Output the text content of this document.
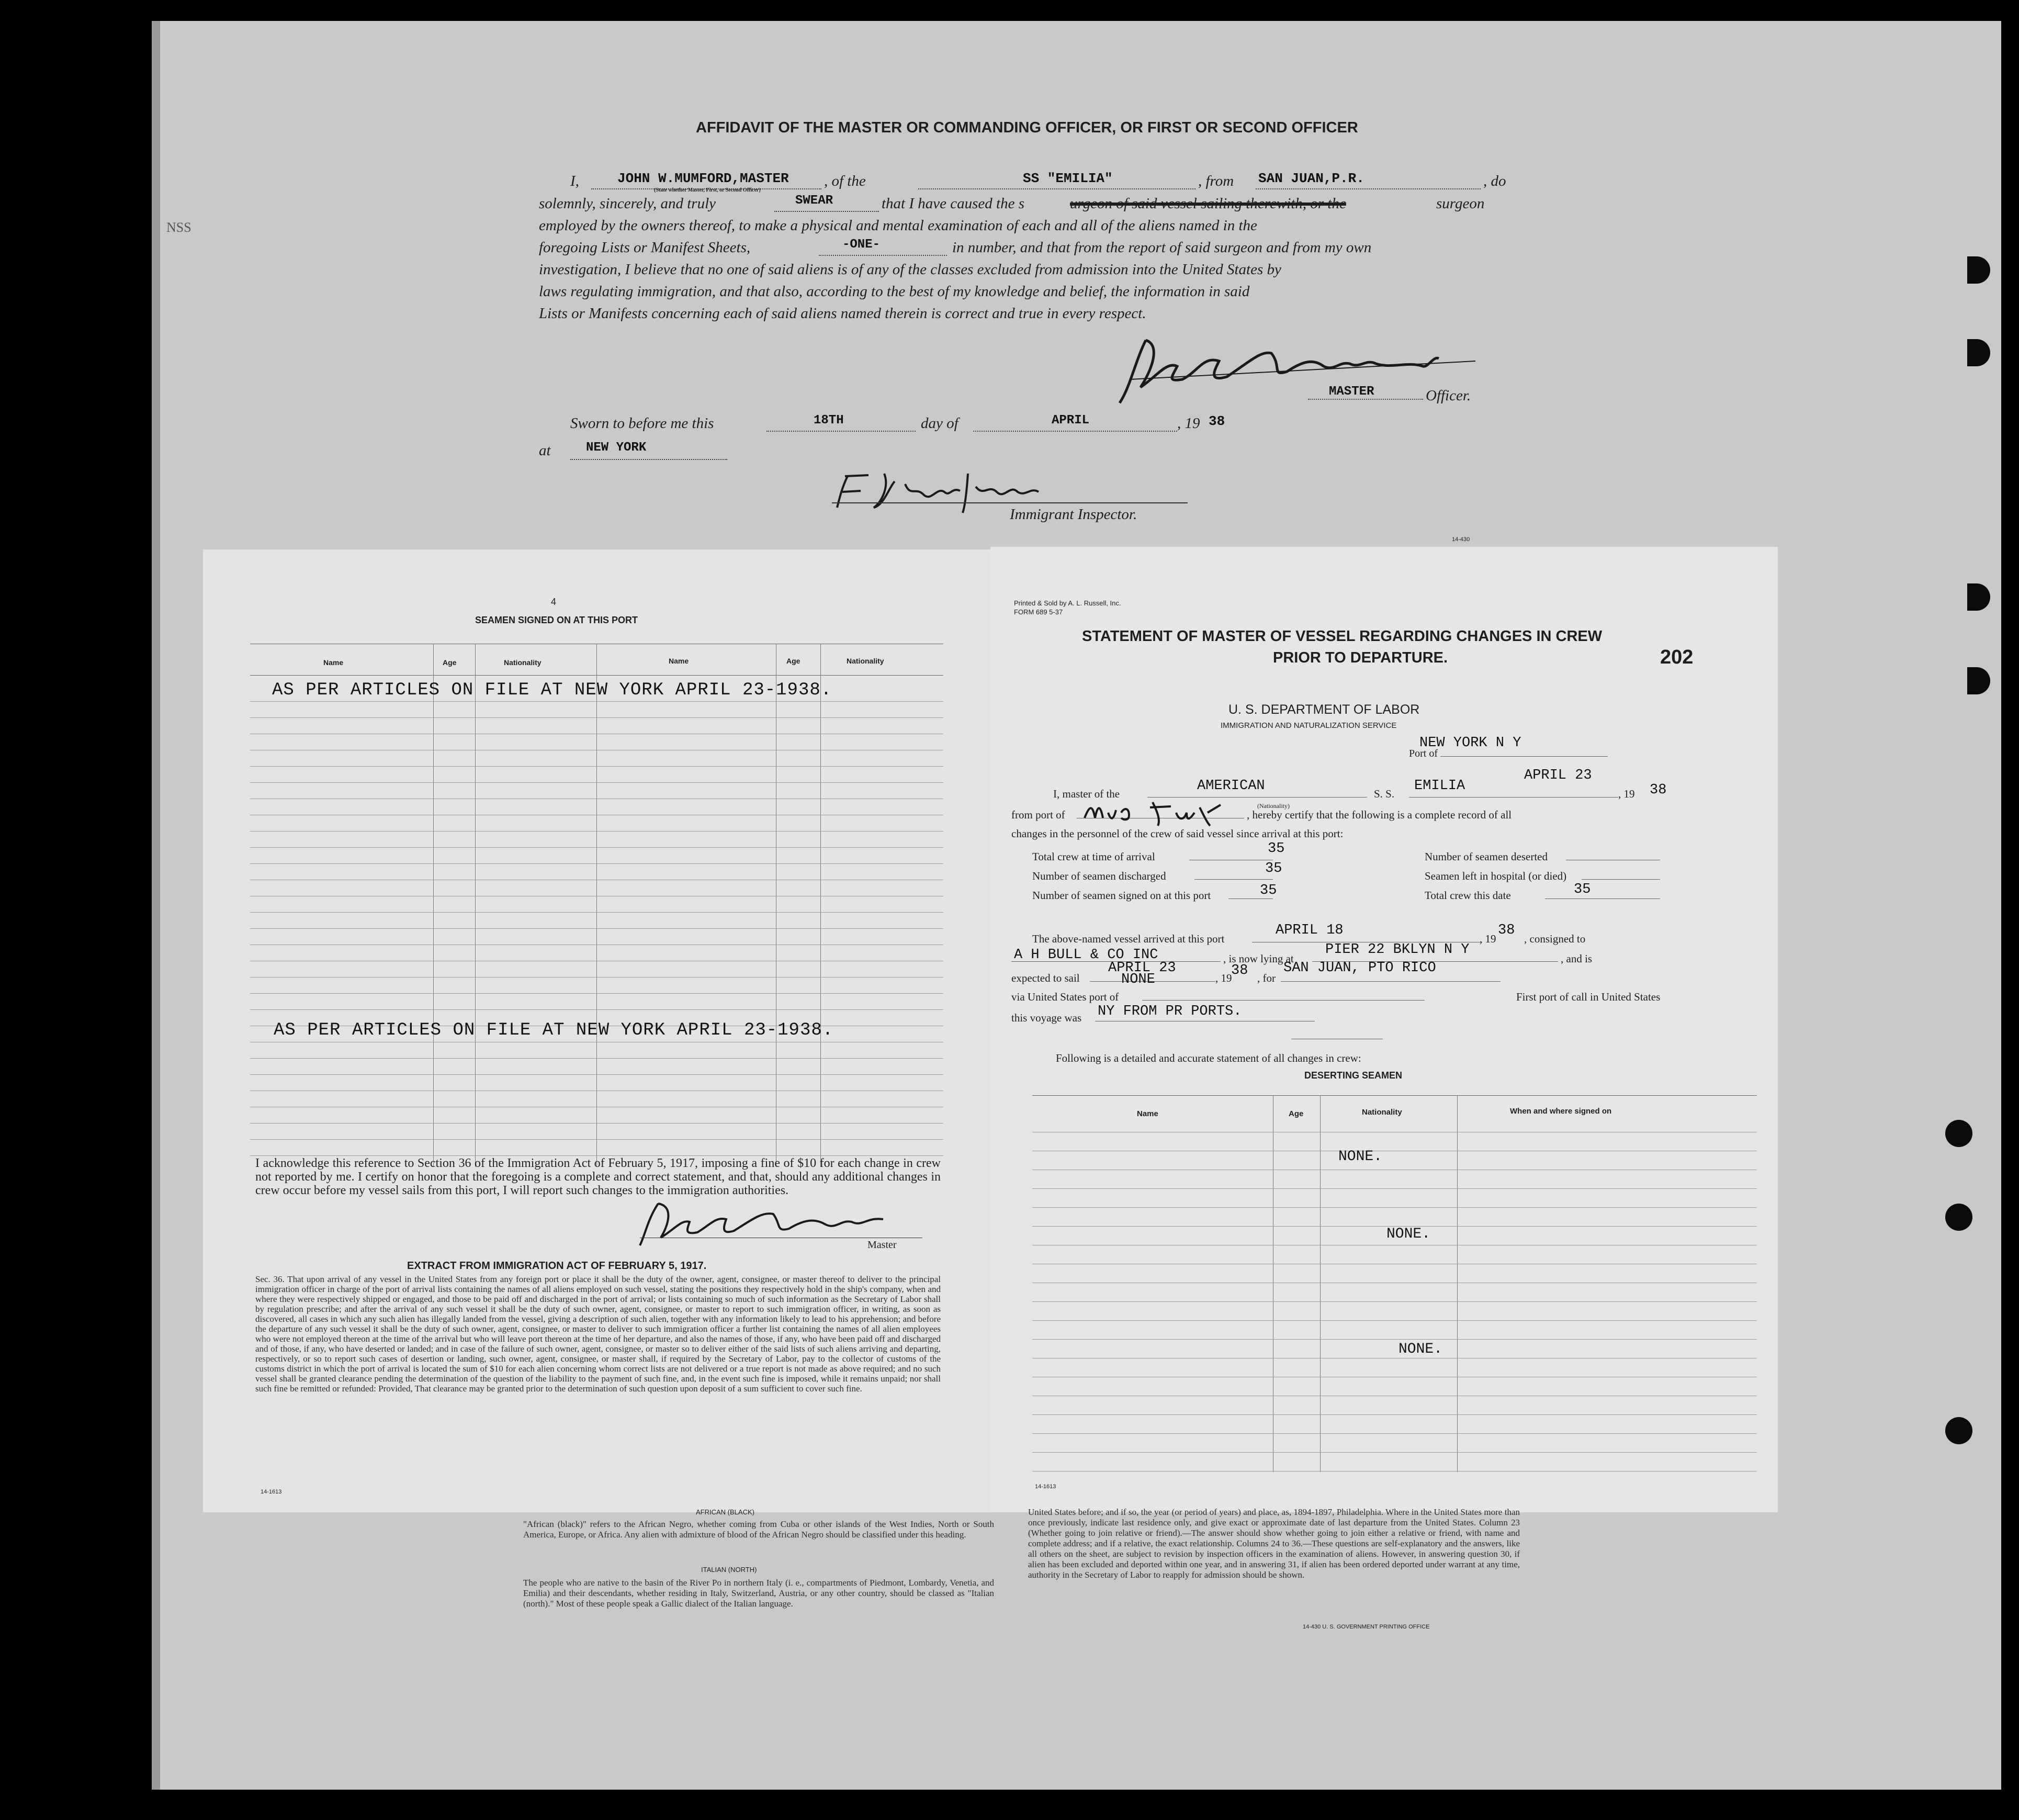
AFFIDAVIT OF THE MASTER OR COMMANDING OFFICER, OR FIRST OR SECOND OFFICER
NSS
I,	JOHN W.MUMFORD,MASTER
(State whether Master, First, or Second Officer)
, of the	SS "EMILIA"	, from SAN JUAN,P.R.	, do
solemnly, sincerely, and truly	SWEAR	that I have caused the s	urgeon of said vessel sailing therewith, or the	surgeon
employed by the owners thereof, to make a physical and mental examination of each and all of the aliens named in the
foregoing Lists or Manifest Sheets,	-ONE-	in number, and that from the report of said surgeon and from my own
investigation, I believe that no one of said aliens is of any of the classes excluded from admission into the United States by
laws regulating immigration, and that also, according to the best of my knowledge and belief, the information in said
Lists or Manifests concerning each of said aliens named therein is correct and true in every respect.
MASTER	Officer.
Sworn to before me this	18TH	day of	APRIL	, 19 38
at	NEW YORK
Immigrant Inspector.
14-430
4
SEAMEN SIGNED ON AT THIS PORT
Name	Age	Nationality	Name	Age	Nationality
AS PER ARTICLES ON FILE AT NEW YORK APRIL 23-1938.
AS PER ARTICLES ON FILE AT NEW YORK APRIL 23-1938.
I acknowledge this reference to Section 36 of the Immigration Act of February 5, 1917, imposing a fine of $10 for each change in crew not reported by me. I certify on honor that the foregoing is a complete and correct statement, and that, should any additional changes in crew occur before my vessel sails from this port, I will report such changes to the immigration authorities.
Master
EXTRACT FROM IMMIGRATION ACT OF FEBRUARY 5, 1917.
Sec. 36. That upon arrival of any vessel in the United States from any foreign port or place it shall be the duty of the owner, agent, consignee, or master thereof to deliver to the principal immigration officer in charge of the port of arrival lists containing the names of all aliens employed on such vessel, stating the positions they respectively hold in the ship's company, when and where they were respectively shipped or engaged, and those to be paid off and discharged in the port of arrival; or lists containing so much of such information as the Secretary of Labor shall by regulation prescribe; and after the arrival of any such vessel it shall be the duty of such owner, agent, consignee, or master to report to such immigration officer, in writing, as soon as discovered, all cases in which any such alien has illegally landed from the vessel, giving a description of such alien, together with any information likely to lead to his apprehension; and before the departure of any such vessel it shall be the duty of such owner, agent, consignee, or master to deliver to such immigration officer a further list containing the names of all alien employees who were not employed thereon at the time of the arrival but who will leave port thereon at the time of her departure, and also the names of those, if any, who have been paid off and discharged and of those, if any, who have deserted or landed; and in case of the failure of such owner, agent, consignee, or master so to deliver either of the said lists of such aliens arriving and departing, respectively, or so to report such cases of desertion or landing, such owner, agent, consignee, or master shall, if required by the Secretary of Labor, pay to the collector of customs of the customs district in which the port of arrival is located the sum of $10 for each alien concerning whom correct lists are not delivered or a true report is not made as above required; and no such vessel shall be granted clearance pending the determination of the question of the liability to the payment of such fine, and, in the event such fine is imposed, while it remains unpaid; nor shall such fine be remitted or refunded: Provided, That clearance may be granted prior to the determination of such question upon deposit of a sum sufficient to cover such fine.
14-1613
Printed & Sold by A. L. Russell, Inc.
FORM 689 5-37
STATEMENT OF MASTER OF VESSEL REGARDING CHANGES IN CREW
PRIOR TO DEPARTURE.	202
U. S. DEPARTMENT OF LABOR
IMMIGRATION AND NATURALIZATION SERVICE
Port of
NEW YORK N Y
I, master of the	AMERICAN
(Nationality)
S. S. EMILIA
APRIL 23
, 19 38
from port of	, hereby certify that the following is a complete record of all
changes in the personnel of the crew of said vessel since arrival at this port:
Total crew at time of arrival	35	Number of seamen deserted
Number of seamen discharged	35	Seamen left in hospital (or died)
Number of seamen signed on at this port	35	Total crew this date	35
The above-named vessel arrived at this port
APRIL 18
, 19
38
, consigned to
A H BULL & CO INC	, is now lying at
PIER 22 BKLYN N Y
, and is
expected to sail
APRIL 23
NONE	, 19
38 , for
SAN JUAN, PTO RICO
via United States port of	First port of call in United States
this voyage was NY FROM PR PORTS.
Following is a detailed and accurate statement of all changes in crew:
DESERTING SEAMEN
Name	Age	Nationality	When and where signed on
NONE.
NONE.
NONE.
14-1613
AFRICAN (BLACK)
"African (black)" refers to the African Negro, whether coming from Cuba or other islands of the West Indies, North or South America, Europe, or Africa. Any alien with admixture of blood of the African Negro should be classified under this heading.
ITALIAN (NORTH)
The people who are native to the basin of the River Po in northern Italy (i. e., compartments of Piedmont, Lombardy, Venetia, and Emilia) and their descendants, whether residing in Italy, Switzerland, Austria, or any other country, should be classed as "Italian (north)." Most of these people speak a Gallic dialect of the Italian language.
United States before; and if so, the year (or period of years) and place, as, 1894-1897, Philadelphia. Where in the United States more than once previously, indicate last residence only, and give exact or approximate date of last departure from the United States. Column 23 (Whether going to join relative or friend).—The answer should show whether going to join either a relative or friend, with name and complete address; and if a relative, the exact relationship. Columns 24 to 36.—These questions are self-explanatory and the answers, like all others on the sheet, are subject to revision by inspection officers in the examination of aliens. However, in answering question 30, if alien has been excluded and deported within one year, and in answering 31, if alien has been ordered deported under warrant at any time, authority in the Secretary of Labor to reapply for admission should be shown.
14-430 U. S. GOVERNMENT PRINTING OFFICE
